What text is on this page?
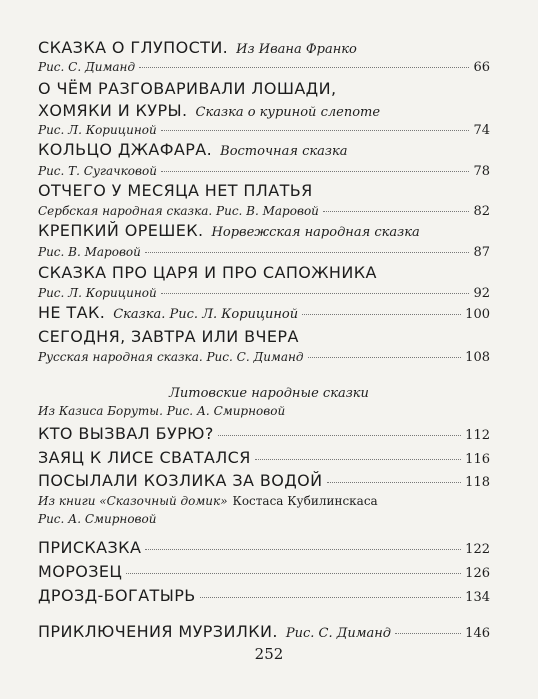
СКАЗКА О ГЛУПОСТИ. Из Ивана Франко
Рис. С. Диманд	66
О ЧЁМ РАЗГОВАРИВАЛИ ЛОШАДИ,
ХОМЯКИ И КУРЫ. Сказка о куриной слепоте
Рис. Л. Корициной	74
КОЛЬЦО ДЖАФАРА. Восточная сказка
Рис. Т. Сугачковой	78
ОТЧЕГО У МЕСЯЦА НЕТ ПЛАТЬЯ
Сербская народная сказка. Рис. В. Маровой	82
КРЕПКИЙ ОРЕШЕК. Норвежская народная сказка
Рис. В. Маровой	87
СКАЗКА ПРО ЦАРЯ И ПРО САПОЖНИКА
Рис. Л. Корициной	92
НЕ ТАК. Сказка. Рис. Л. Корициной	100
СЕГОДНЯ, ЗАВТРА ИЛИ ВЧЕРА
Русская народная сказка. Рис. С. Диманд	108
Литовские народные сказки
Из Казиса Боруты. Рис. А. Смирновой
КТО ВЫЗВАЛ БУРЮ?	112
ЗАЯЦ К ЛИСЕ СВАТАЛСЯ	116
ПОСЫЛАЛИ КОЗЛИКА ЗА ВОДОЙ	118
Из книги «Сказочный домик» Костаса Кубилинскаса
Рис. А. Смирновой
ПРИСКАЗКА	122
МОРОЗЕЦ	126
ДРОЗД-БОГАТЫРЬ	134
ПРИКЛЮЧЕНИЯ МУРЗИЛКИ. Рис. С. Диманд	146
252
